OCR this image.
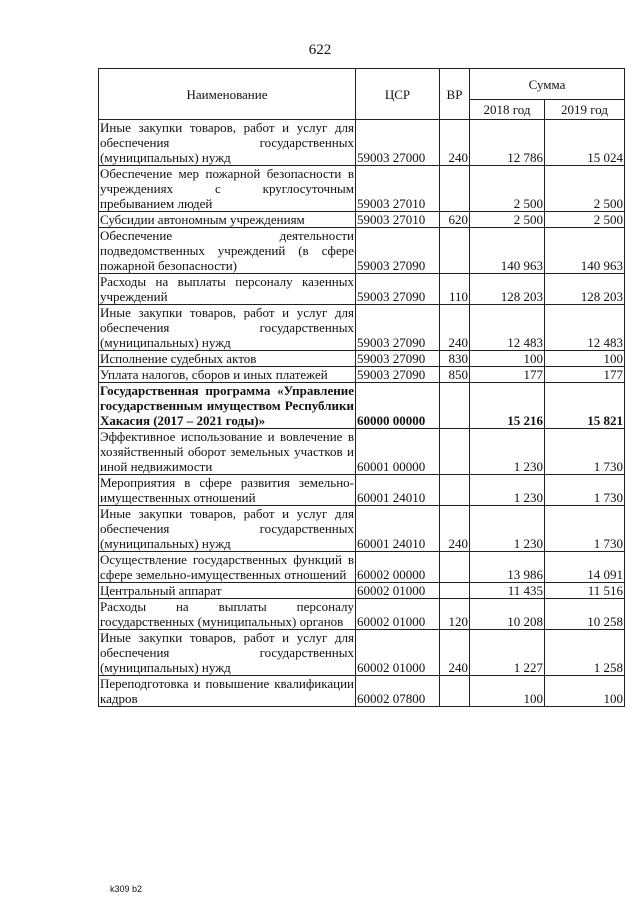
622
Наименование	ЦСР	ВР	Сумма	
			2018 год	2019 год
Иные закупки товаров, работ и услуг для обеспечения государственных (муниципальных) нужд	59003 27000	240	12 786	15 024
Обеспечение мер пожарной безопасности в учреждениях с круглосуточным пребыванием людей	59003 27010		2 500	2 500
Субсидии автономным учреждениям	59003 27010	620	2 500	2 500
Обеспечение деятельности подведомственных учреждений (в сфере пожарной безопасности)	59003 27090		140 963	140 963
Расходы на выплаты персоналу казенных учреждений	59003 27090	110	128 203	128 203
Иные закупки товаров, работ и услуг для обеспечения государственных (муниципальных) нужд	59003 27090	240	12 483	12 483
Исполнение судебных актов	59003 27090	830	100	100
Уплата налогов, сборов и иных платежей	59003 27090	850	177	177
Государственная программа «Управление государственным имуществом Республики Хакасия (2017 – 2021 годы)»	60000 00000		15 216	15 821
Эффективное использование и вовлечение в хозяйственный оборот земельных участков и иной недвижимости	60001 00000		1 230	1 730
Мероприятия в сфере развития земельно-имущественных отношений	60001 24010		1 230	1 730
Иные закупки товаров, работ и услуг для обеспечения государственных (муниципальных) нужд	60001 24010	240	1 230	1 730
Осуществление государственных функций в сфере земельно-имущественных отношений	60002 00000		13 986	14 091
Центральный аппарат	60002 01000		11 435	11 516
Расходы на выплаты персоналу государственных (муниципальных) органов	60002 01000	120	10 208	10 258
Иные закупки товаров, работ и услуг для обеспечения государственных (муниципальных) нужд	60002 01000	240	1 227	1 258
Переподготовка и повышение квалификации кадров	60002 07800		100	100
k309 b2
